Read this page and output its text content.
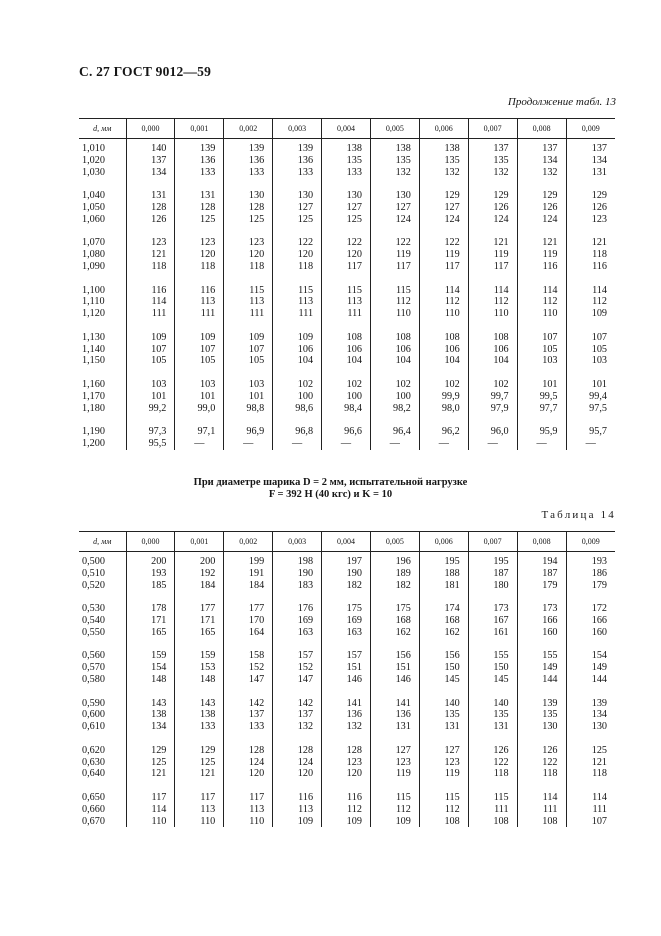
С. 27 ГОСТ 9012—59
Продолжение табл. 13
d, мм	0,000	0,001	0,002	0,003	0,004	0,005	0,006	0,007	0,008	0,009

1,010	140	139	139	139	138	138	138	137	137	137
1,020	137	136	136	136	135	135	135	135	134	134
1,030	134	133	133	133	133	132	132	132	132	131

1,040	131	131	130	130	130	130	129	129	129	129
1,050	128	128	128	127	127	127	127	126	126	126
1,060	126	125	125	125	125	124	124	124	124	123

1,070	123	123	123	122	122	122	122	121	121	121
1,080	121	120	120	120	120	119	119	119	119	118
1,090	118	118	118	118	117	117	117	117	116	116

1,100	116	116	115	115	115	115	114	114	114	114
1,110	114	113	113	113	113	112	112	112	112	112
1,120	111	111	111	111	111	110	110	110	110	109

1,130	109	109	109	109	108	108	108	108	107	107
1,140	107	107	107	106	106	106	106	106	105	105
1,150	105	105	105	104	104	104	104	104	103	103

1,160	103	103	103	102	102	102	102	102	101	101
1,170	101	101	101	100	100	100	99,9	99,7	99,5	99,4
1,180	99,2	99,0	98,8	98,6	98,4	98,2	98,0	97,9	97,7	97,5

1,190	97,3	97,1	96,9	96,8	96,6	96,4	96,2	96,0	95,9	95,7
1,200	95,5	—	—	—	—	—	—	—	—	—
При диаметре шарика D = 2 мм, испытательной нагрузке
F = 392 Н (40 кгс) и K = 10
Таблица 14
d, мм	0,000	0,001	0,002	0,003	0,004	0,005	0,006	0,007	0,008	0,009

0,500	200	200	199	198	197	196	195	195	194	193
0,510	193	192	191	190	190	189	188	187	187	186
0,520	185	184	184	183	182	182	181	180	179	179

0,530	178	177	177	176	175	175	174	173	173	172
0,540	171	171	170	169	169	168	168	167	166	166
0,550	165	165	164	163	163	162	162	161	160	160

0,560	159	159	158	157	157	156	156	155	155	154
0,570	154	153	152	152	151	151	150	150	149	149
0,580	148	148	147	147	146	146	145	145	144	144

0,590	143	143	142	142	141	141	140	140	139	139
0,600	138	138	137	137	136	136	135	135	135	134
0,610	134	133	133	132	132	131	131	131	130	130

0,620	129	129	128	128	128	127	127	126	126	125
0,630	125	125	124	124	123	123	123	122	122	121
0,640	121	121	120	120	120	119	119	118	118	118

0,650	117	117	117	116	116	115	115	115	114	114
0,660	114	113	113	113	112	112	112	111	111	111
0,670	110	110	110	109	109	109	108	108	108	107
